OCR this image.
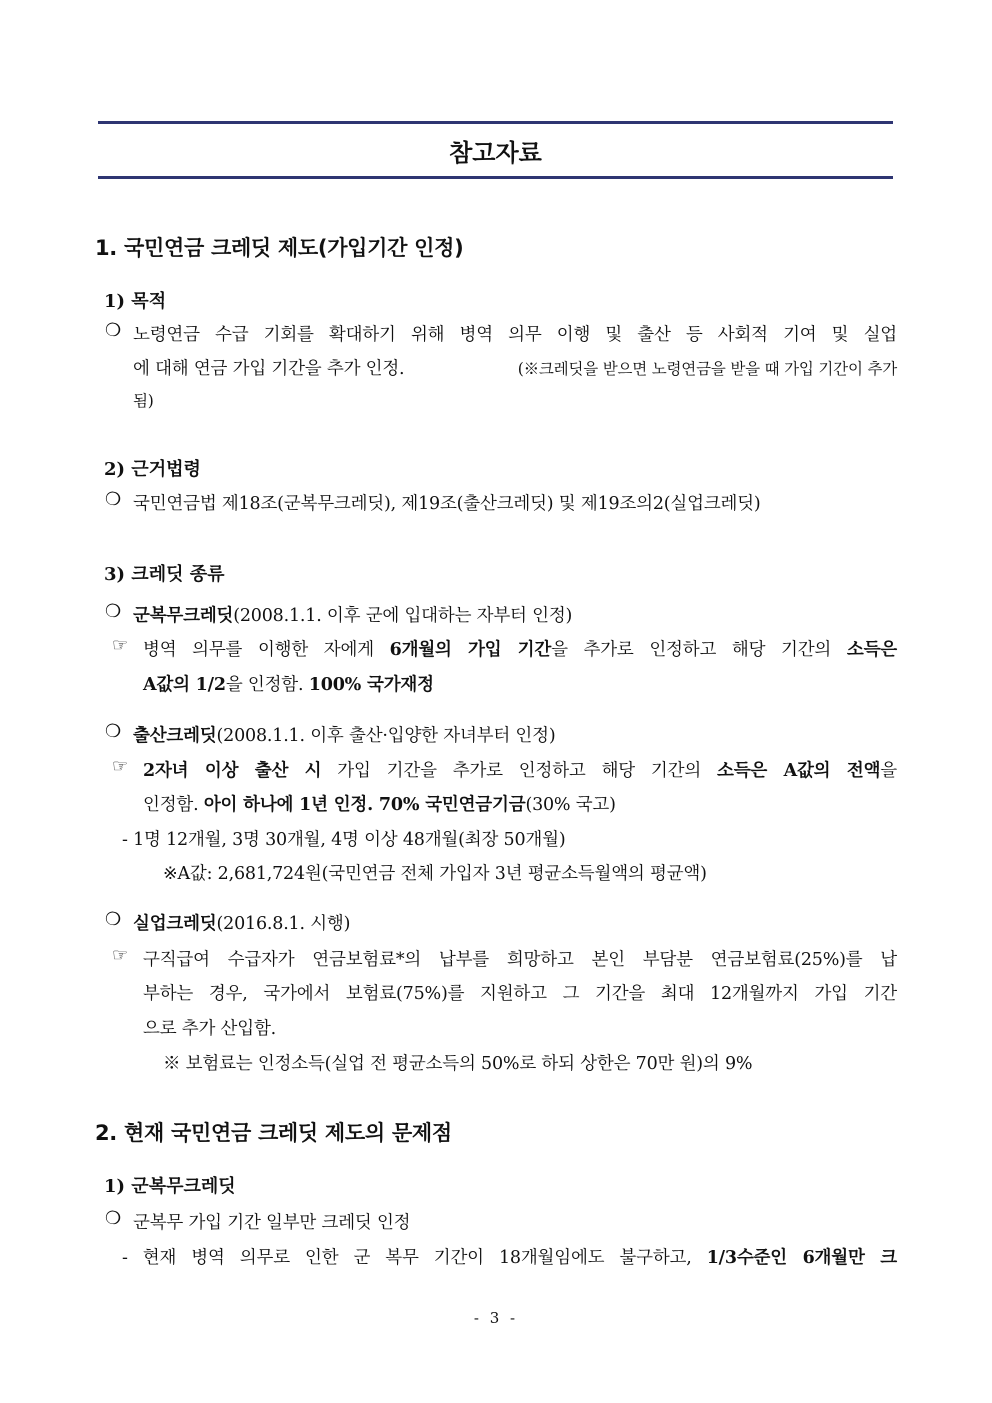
참고자료
1. 국민연금 크레딧 제도(가입기간 인정)
1) 목적
❍ 노령연금 수급 기회를 확대하기 위해 병역 의무 이행 및 출산 등 사회적 기여 및 실업
에 대해 연금 가입 기간을 추가 인정.	(※크레딧을 받으면 노령연금을 받을 때 가입 기간이 추가
됨)
2) 근거법령
❍ 국민연금법 제18조(군복무크레딧), 제19조(출산크레딧) 및 제19조의2(실업크레딧)
3) 크레딧 종류
❍ 군복무크레딧(2008.1.1. 이후 군에 입대하는 자부터 인정)
☞ 병역 의무를 이행한 자에게 6개월의 가입 기간을 추가로 인정하고 해당 기간의 소득은
A값의 1/2을 인정함. 100% 국가재정
❍ 출산크레딧(2008.1.1. 이후 출산·입양한 자녀부터 인정)
☞ 2자녀 이상 출산 시 가입 기간을 추가로 인정하고 해당 기간의 소득은 A값의 전액을
인정함. 아이 하나에 1년 인정. 70% 국민연금기금(30% 국고)
- 1명 12개월, 3명 30개월, 4명 이상 48개월(최장 50개월)
※A값: 2,681,724원(국민연금 전체 가입자 3년 평균소득월액의 평균액)
❍ 실업크레딧(2016.8.1. 시행)
☞ 구직급여 수급자가 연금보험료*의 납부를 희망하고 본인 부담분 연금보험료(25%)를 납
부하는 경우, 국가에서 보험료(75%)를 지원하고 그 기간을 최대 12개월까지 가입 기간
으로 추가 산입함.
※ 보험료는 인정소득(실업 전 평균소득의 50%로 하되 상한은 70만 원)의 9%
2. 현재 국민연금 크레딧 제도의 문제점
1) 군복무크레딧
❍ 군복무 가입 기간 일부만 크레딧 인정
- 현재 병역 의무로 인한 군 복무 기간이 18개월임에도 불구하고, 1/3수준인 6개월만 크
- 3 -
